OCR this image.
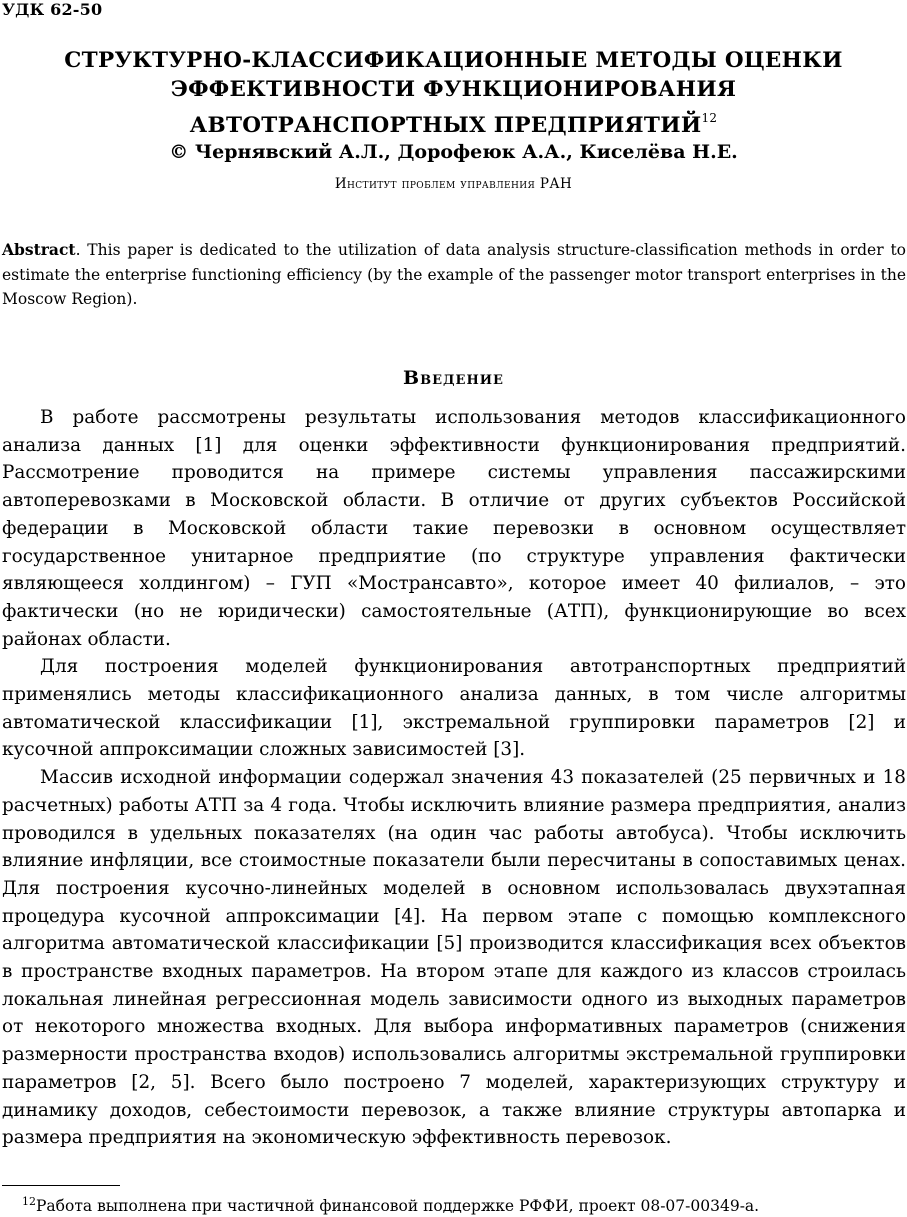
УДК 62-50
СТРУКТУРНО-КЛАССИФИКАЦИОННЫЕ МЕТОДЫ ОЦЕНКИ
ЭФФЕКТИВНОСТИ ФУНКЦИОНИРОВАНИЯ
АВТОТРАНСПОРТНЫХ ПРЕДПРИЯТИЙ$^{12}$
© Чернявский А.Л., Дорофеюк А.А., Киселёва Н.Е.
Институт проблем управления РАН
Abstract. This paper is dedicated to the utilization of data analysis structure-classification methods in order to estimate the enterprise functioning efficiency (by the example of the passenger motor transport enterprises in the Moscow Region).
Введение

В работе рассмотрены результаты использования методов классификационного анализа данных [1] для оценки эффективности функционирования предприятий. Рассмотрение проводится на примере системы управления пассажирскими автоперевозками в Московской области. В отличие от других субъектов Российской федерации в Московской области такие перевозки в основном осуществляет государственное унитарное предприятие (по структуре управления фактически являющееся холдингом) – ГУП «Мострансавто», которое имеет 40 филиалов, – это фактически (но не юридически) самостоятельные (АТП), функционирующие во всех районах области.

Для построения моделей функционирования автотранспортных предприятий применялись методы классификационного анализа данных, в том числе алгоритмы автоматической классификации [1], экстремальной группировки параметров [2] и кусочной аппроксимации сложных зависимостей [3].

Массив исходной информации содержал значения 43 показателей (25 первичных и 18 расчетных) работы АТП за 4 года. Чтобы исключить влияние размера предприятия, анализ проводился в удельных показателях (на один час работы автобуса). Чтобы исключить влияние инфляции, все стоимостные показатели были пересчитаны в сопоставимых ценах. Для построения кусочно-линейных моделей в основном использовалась двухэтапная процедура кусочной аппроксимации [4]. На первом этапе с помощью комплексного алгоритма автоматической классификации [5] производится классификация всех объектов в пространстве входных параметров. На втором этапе для каждого из классов строилась локальная линейная регрессионная модель зависимости одного из выходных параметров от некоторого множества входных. Для выбора информативных параметров (снижения размерности пространства входов) использовались алгоритмы экстремальной группировки параметров [2, 5]. Всего было построено 7 моделей, характеризующих структуру и динамику доходов, себестоимости перевозок, а также влияние структуры автопарка и размера предприятия на экономическую эффективность перевозок.

$^{12}$Работа выполнена при частичной финансовой поддержке РФФИ, проект 08-07-00349-а.
